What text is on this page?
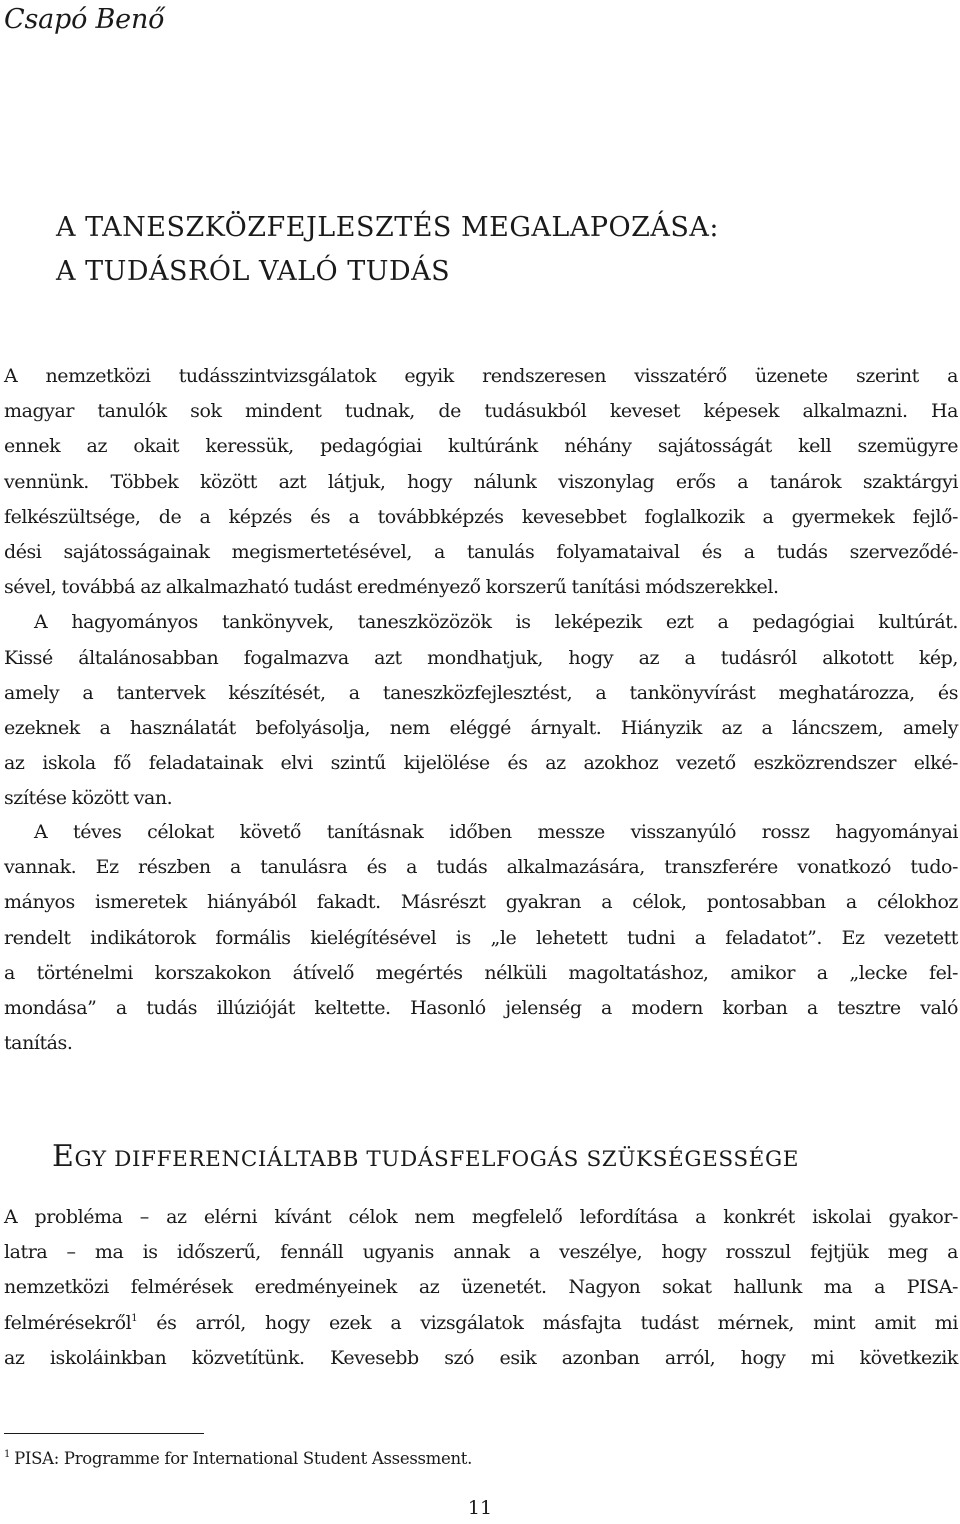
Csapó Benő
A TANESZKÖZFEJLESZTÉS MEGALAPOZÁSA:
A TUDÁSRÓL VALÓ TUDÁS
A nemzetközi tudásszintvizsgálatok egyik rendszeresen visszatérő üzenete szerint a
magyar tanulók sok mindent tudnak, de tudásukból keveset képesek alkalmazni. Ha
ennek az okait keressük, pedagógiai kultúránk néhány sajátosságát kell szemügyre
vennünk. Többek között azt látjuk, hogy nálunk viszonylag erős a tanárok szaktárgyi
felkészültsége, de a képzés és a továbbképzés kevesebbet foglalkozik a gyermekek fejlő-
dési sajátosságainak megismertetésével, a tanulás folyamataival és a tudás szerveződé-
sével, továbbá az alkalmazható tudást eredményező korszerű tanítási módszerekkel.
A hagyományos tankönyvek, taneszközözök is leképezik ezt a pedagógiai kultúrát.
Kissé általánosabban fogalmazva azt mondhatjuk, hogy az a tudásról alkotott kép,
amely a tantervek készítését, a taneszközfejlesztést, a tankönyvírást meghatározza, és
ezeknek a használatát befolyásolja, nem eléggé árnyalt. Hiányzik az a láncszem, amely
az iskola fő feladatainak elvi szintű kijelölése és az azokhoz vezető eszközrendszer elké-
szítése között van.
A téves célokat követő tanításnak időben messze visszanyúló rossz hagyományai
vannak. Ez részben a tanulásra és a tudás alkalmazására, transzferére vonatkozó tudo-
mányos ismeretek hiányából fakadt. Másrészt gyakran a célok, pontosabban a célokhoz
rendelt indikátorok formális kielégítésével is „le lehetett tudni a feladatot”. Ez vezetett
a történelmi korszakokon átívelő megértés nélküli magoltatáshoz, amikor a „lecke fel-
mondása” a tudás illúzióját keltette. Hasonló jelenség a modern korban a tesztre való
tanítás.
EGY DIFFERENCIÁLTABB TUDÁSFELFOGÁS SZÜKSÉGESSÉGE
A probléma – az elérni kívánt célok nem megfelelő lefordítása a konkrét iskolai gyakor-
latra – ma is időszerű, fennáll ugyanis annak a veszélye, hogy rosszul fejtjük meg a
nemzetközi felmérések eredményeinek az üzenetét. Nagyon sokat hallunk ma a PISA-
felmérésekről$^1$ és arról, hogy ezek a vizsgálatok másfajta tudást mérnek, mint amit mi
az iskoláinkban közvetítünk. Kevesebb szó esik azonban arról, hogy mi következik
$^1$ PISA: Programme for International Student Assessment.
11
